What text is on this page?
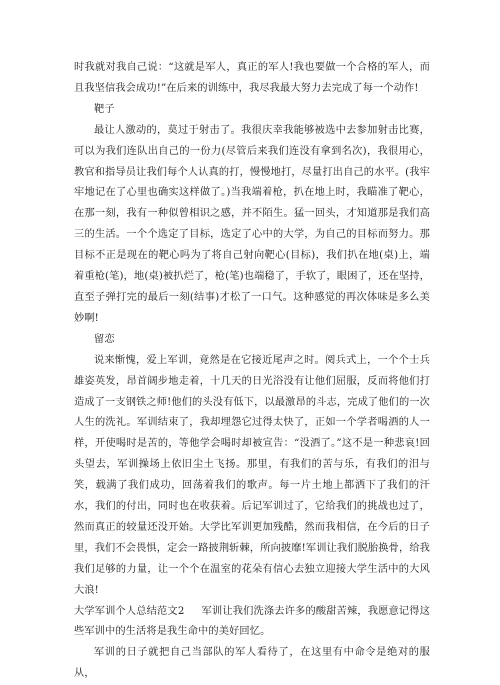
时我就对我自己说：“这就是军人，真正的军人!我也要做一个合格的军人，而且我坚信我会成功!”在后来的训练中，我尽我最大努力去完成了每一个动作!

靶子

最让人激动的，莫过于射击了。我很庆幸我能够被选中去参加射击比赛，可以为我们连队出自己的一份力(尽管后来我们连没有拿到名次)，我很用心，教官和指导员让我们每个人认真的打，慢慢地打，尽量打出自己的水平。(我牢牢地记在了心里也确实这样做了。)当我端着枪，扒在地上时，我瞄准了靶心，在那一刻，我有一种似曾相识之感，并不陌生。猛一回头，才知道那是我们高三的生活。一个个选定了目标，选定了心中的大学，为自己的目标而努力。那目标不正是现在的靶心吗为了将自己射向靶心(目标)，我们扒在地(桌)上，端着重枪(笔)，地(桌)被扒烂了，枪(笔)也端稳了，手软了，眼困了，还在坚持，直至子弹打完的最后一刻(结事)才松了一口气。这种感觉的再次体味是多么美妙啊!

留恋

说来惭愧，爱上军训，竟然是在它接近尾声之时。阅兵式上，一个个士兵雄姿英发，昂首阔步地走着，十几天的日光浴没有让他们屈服，反而将他们打造成了一支钢铁之师!他们的头没有低下，以最激昂的斗志，完成了他们的一次人生的洗礼。军训结束了，我却埋怨它过得太快了，正如一个学者喝酒的人一样，开使喝时是苦的，等他学会喝时却被宣告：“没酒了。”这不是一种悲哀!回头望去，军训操场上依旧尘土飞扬。那里，有我们的苦与乐，有我们的汨与笑，载满了我们成功，回荡着我们的歌声。每一片土地上都洒下了我们的汗水，我们的付出，同时也在收获着。后记军训过了，它给我们的挑战也过了，然而真正的较量还没开始。大学比军训更加残酷，然而我相信，在今后的日子里，我们不会畏惧，定会一路披荆斩棘，所向披靡!军训让我们脱胎换骨，给我我们足够的力量，让一个个在温室的花朵有信心去独立迎接大学生活中的大风大浪!

大学军训个人总结范文2 军训让我们洗涤去许多的酸甜苦辣，我愿意记得这些军训中的生活将是我生命中的美好回忆。

军训的日子就把自己当部队的军人看待了，在这里有中命令是绝对的服从，
